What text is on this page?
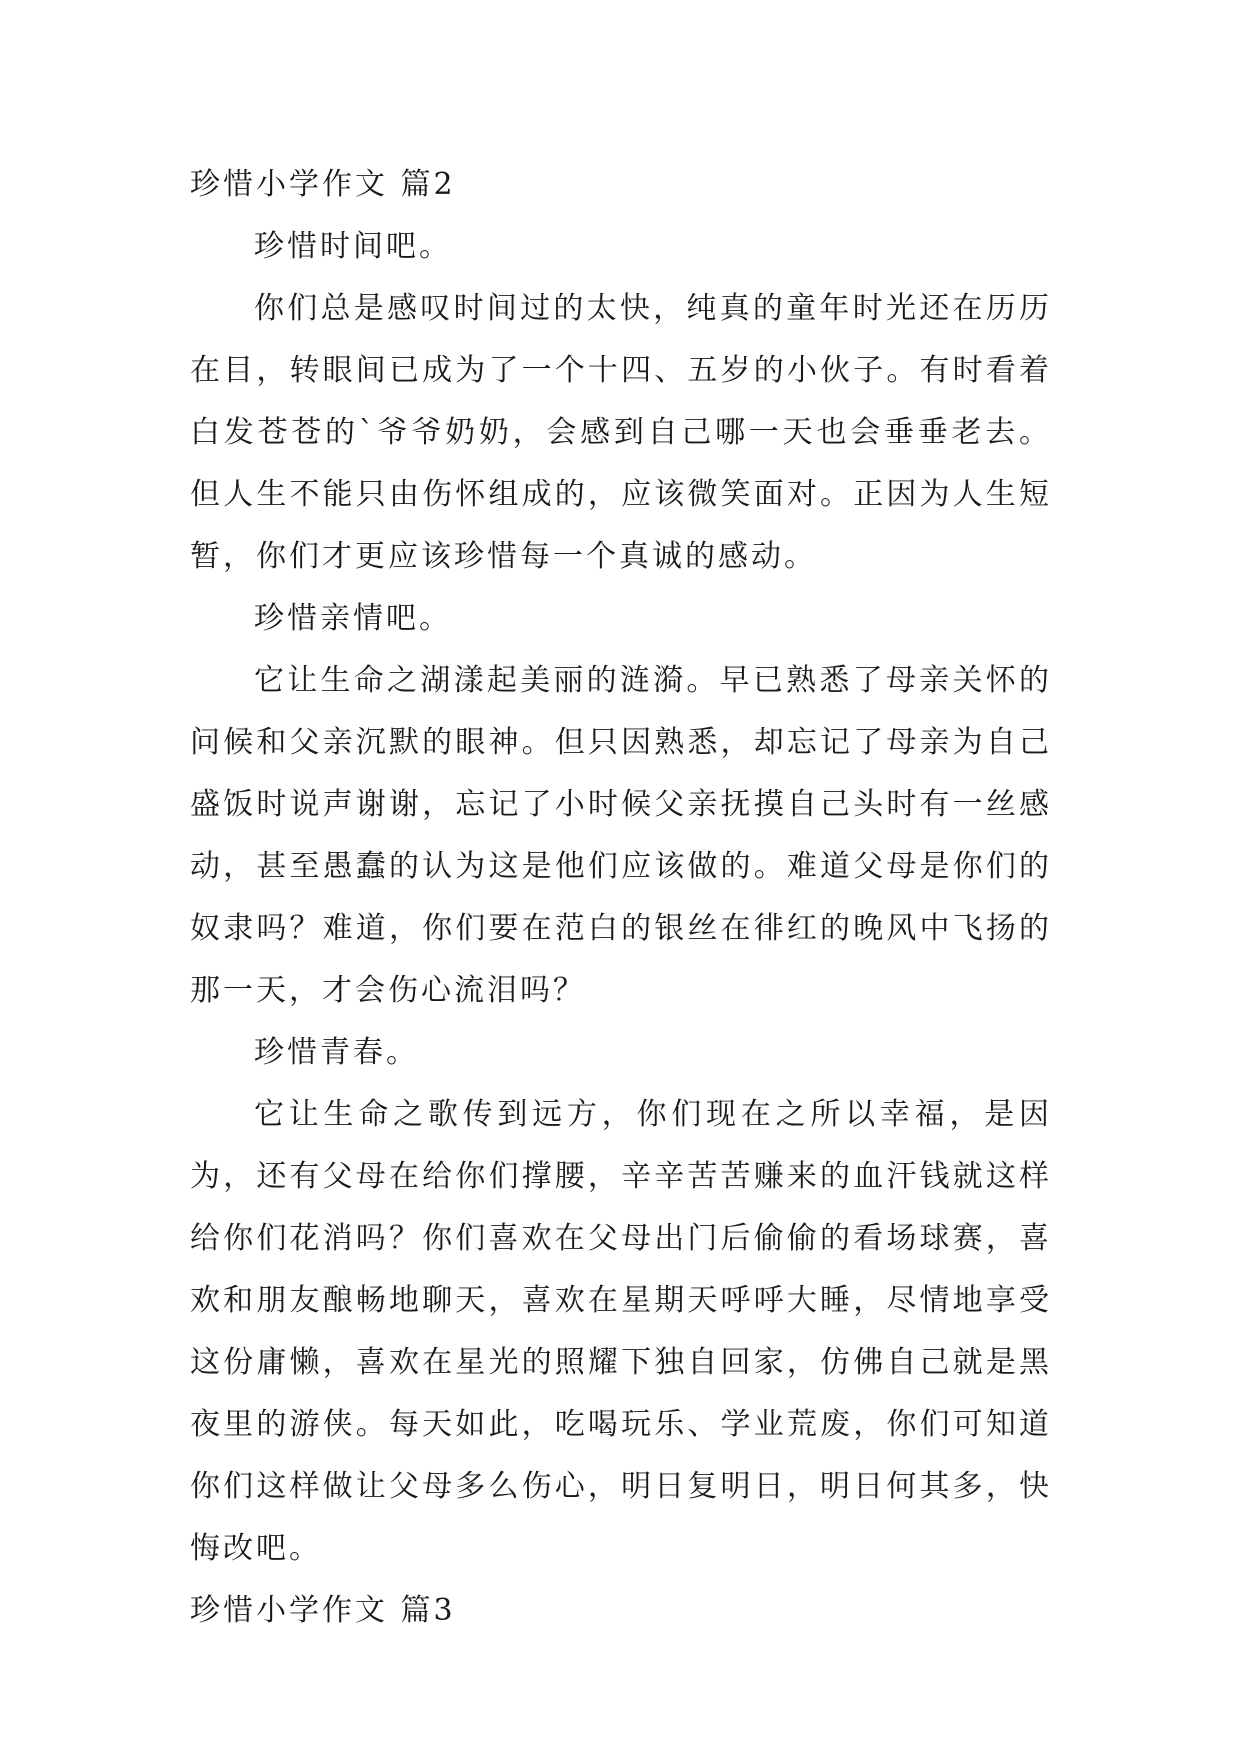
珍惜小学作文 篇2

珍惜时间吧。

你们总是感叹时间过的太快，纯真的童年时光还在历历在目，转眼间已成为了一个十四、五岁的小伙子。有时看着白发苍苍的`爷爷奶奶，会感到自己哪一天也会垂垂老去。但人生不能只由伤怀组成的，应该微笑面对。正因为人生短暂，你们才更应该珍惜每一个真诚的感动。

珍惜亲情吧。

它让生命之湖漾起美丽的涟漪。早已熟悉了母亲关怀的问候和父亲沉默的眼神。但只因熟悉，却忘记了母亲为自己盛饭时说声谢谢，忘记了小时候父亲抚摸自己头时有一丝感动，甚至愚蠢的认为这是他们应该做的。难道父母是你们的奴隶吗？难道，你们要在范白的银丝在徘红的晚风中飞扬的那一天，才会伤心流泪吗？

珍惜青春。

它让生命之歌传到远方，你们现在之所以幸福，是因为，还有父母在给你们撑腰，辛辛苦苦赚来的血汗钱就这样给你们花消吗？你们喜欢在父母出门后偷偷的看场球赛，喜欢和朋友酿畅地聊天，喜欢在星期天呼呼大睡，尽情地享受这份庸懒，喜欢在星光的照耀下独自回家，仿佛自己就是黑夜里的游侠。每天如此，吃喝玩乐、学业荒废，你们可知道你们这样做让父母多么伤心，明日复明日，明日何其多，快悔改吧。

珍惜小学作文 篇3
